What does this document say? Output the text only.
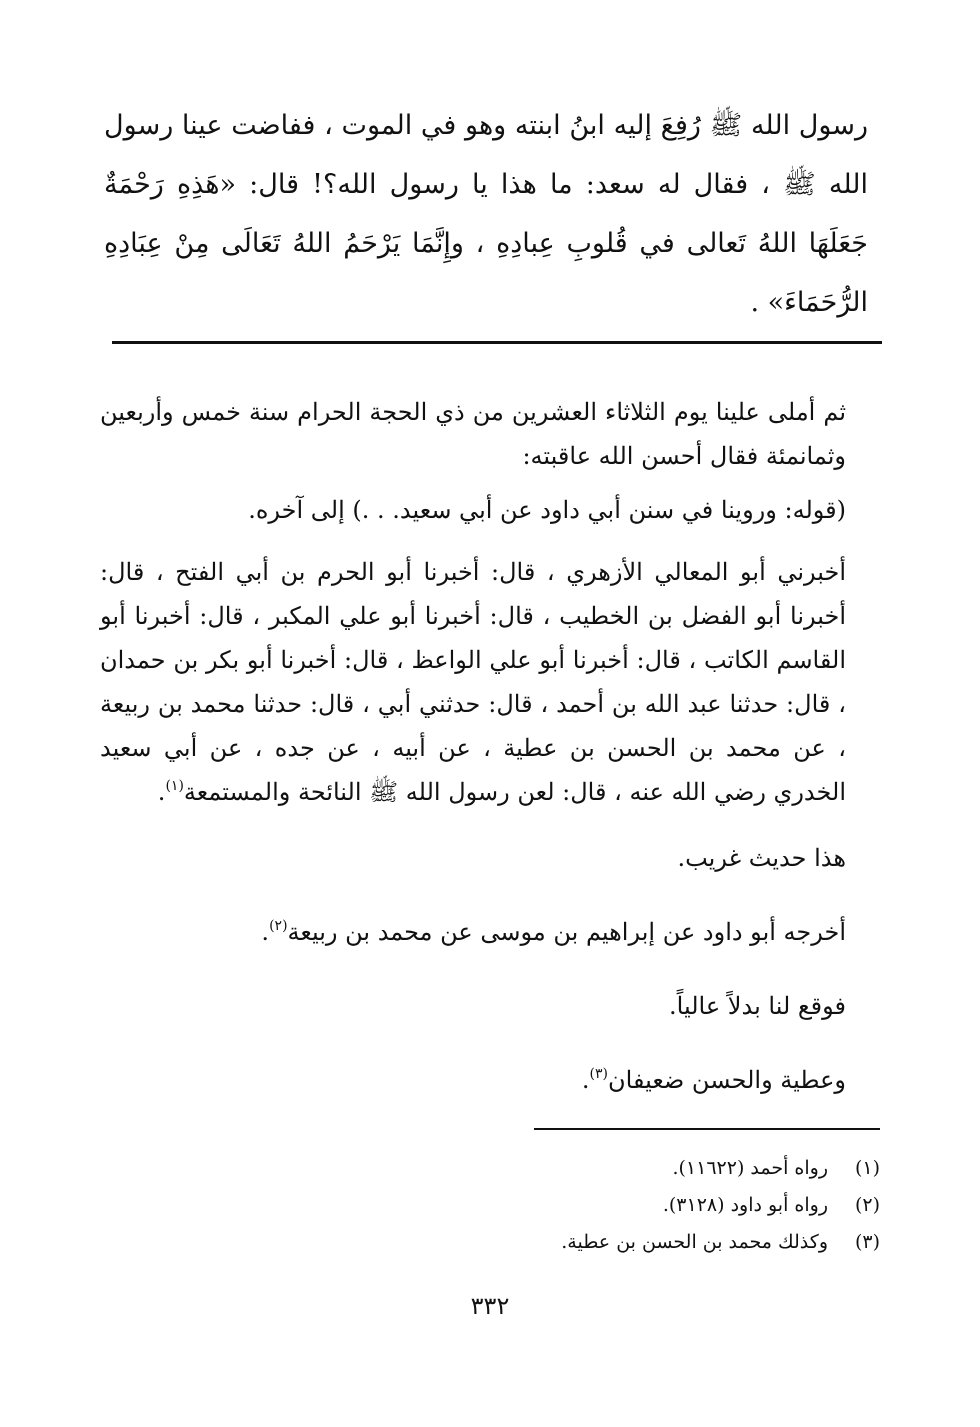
رسول الله ﷺ رُفِعَ إليه ابنُ ابنته وهو في الموت ، ففاضت عينا رسول الله ﷺ ، فقال له سعد: ما هذا يا رسول الله؟! قال: «هَذِهِ رَحْمَةٌ جَعَلَهَا اللهُ تَعالى في قُلوبِ عِبادِهِ ، وإِنَّمَا يَرْحَمُ اللهُ تَعَالَى مِنْ عِبَادِهِ الرُّحَمَاءَ» .

ثم أملى علينا يوم الثلاثاء العشرين من ذي الحجة الحرام سنة خمس وأربعين وثمانمئة فقال أحسن الله عاقبته:

(قوله: وروينا في سنن أبي داود عن أبي سعيد. . .) إلى آخره.

أخبرني أبو المعالي الأزهري ، قال: أخبرنا أبو الحرم بن أبي الفتح ، قال: أخبرنا أبو الفضل بن الخطيب ، قال: أخبرنا أبو علي المكبر ، قال: أخبرنا أبو القاسم الكاتب ، قال: أخبرنا أبو علي الواعظ ، قال: أخبرنا أبو بكر بن حمدان ، قال: حدثنا عبد الله بن أحمد ، قال: حدثني أبي ، قال: حدثنا محمد بن ربيعة ، عن محمد بن الحسن بن عطية ، عن أبيه ، عن جده ، عن أبي سعيد الخدري رضي الله عنه ، قال: لعن رسول الله ﷺ النائحة والمستمعة$^{(١)}$.

هذا حديث غريب.

أخرجه أبو داود عن إبراهيم بن موسى عن محمد بن ربيعة$^{(٢)}$.

فوقع لنا بدلاً عالياً.

وعطية والحسن ضعيفان$^{(٣)}$.

(١)
رواه أحمد (١١٦٢٢).
(٢)
رواه أبو داود (٣١٢٨).
(٣)
وكذلك محمد بن الحسن بن عطية.
٣٣٢
